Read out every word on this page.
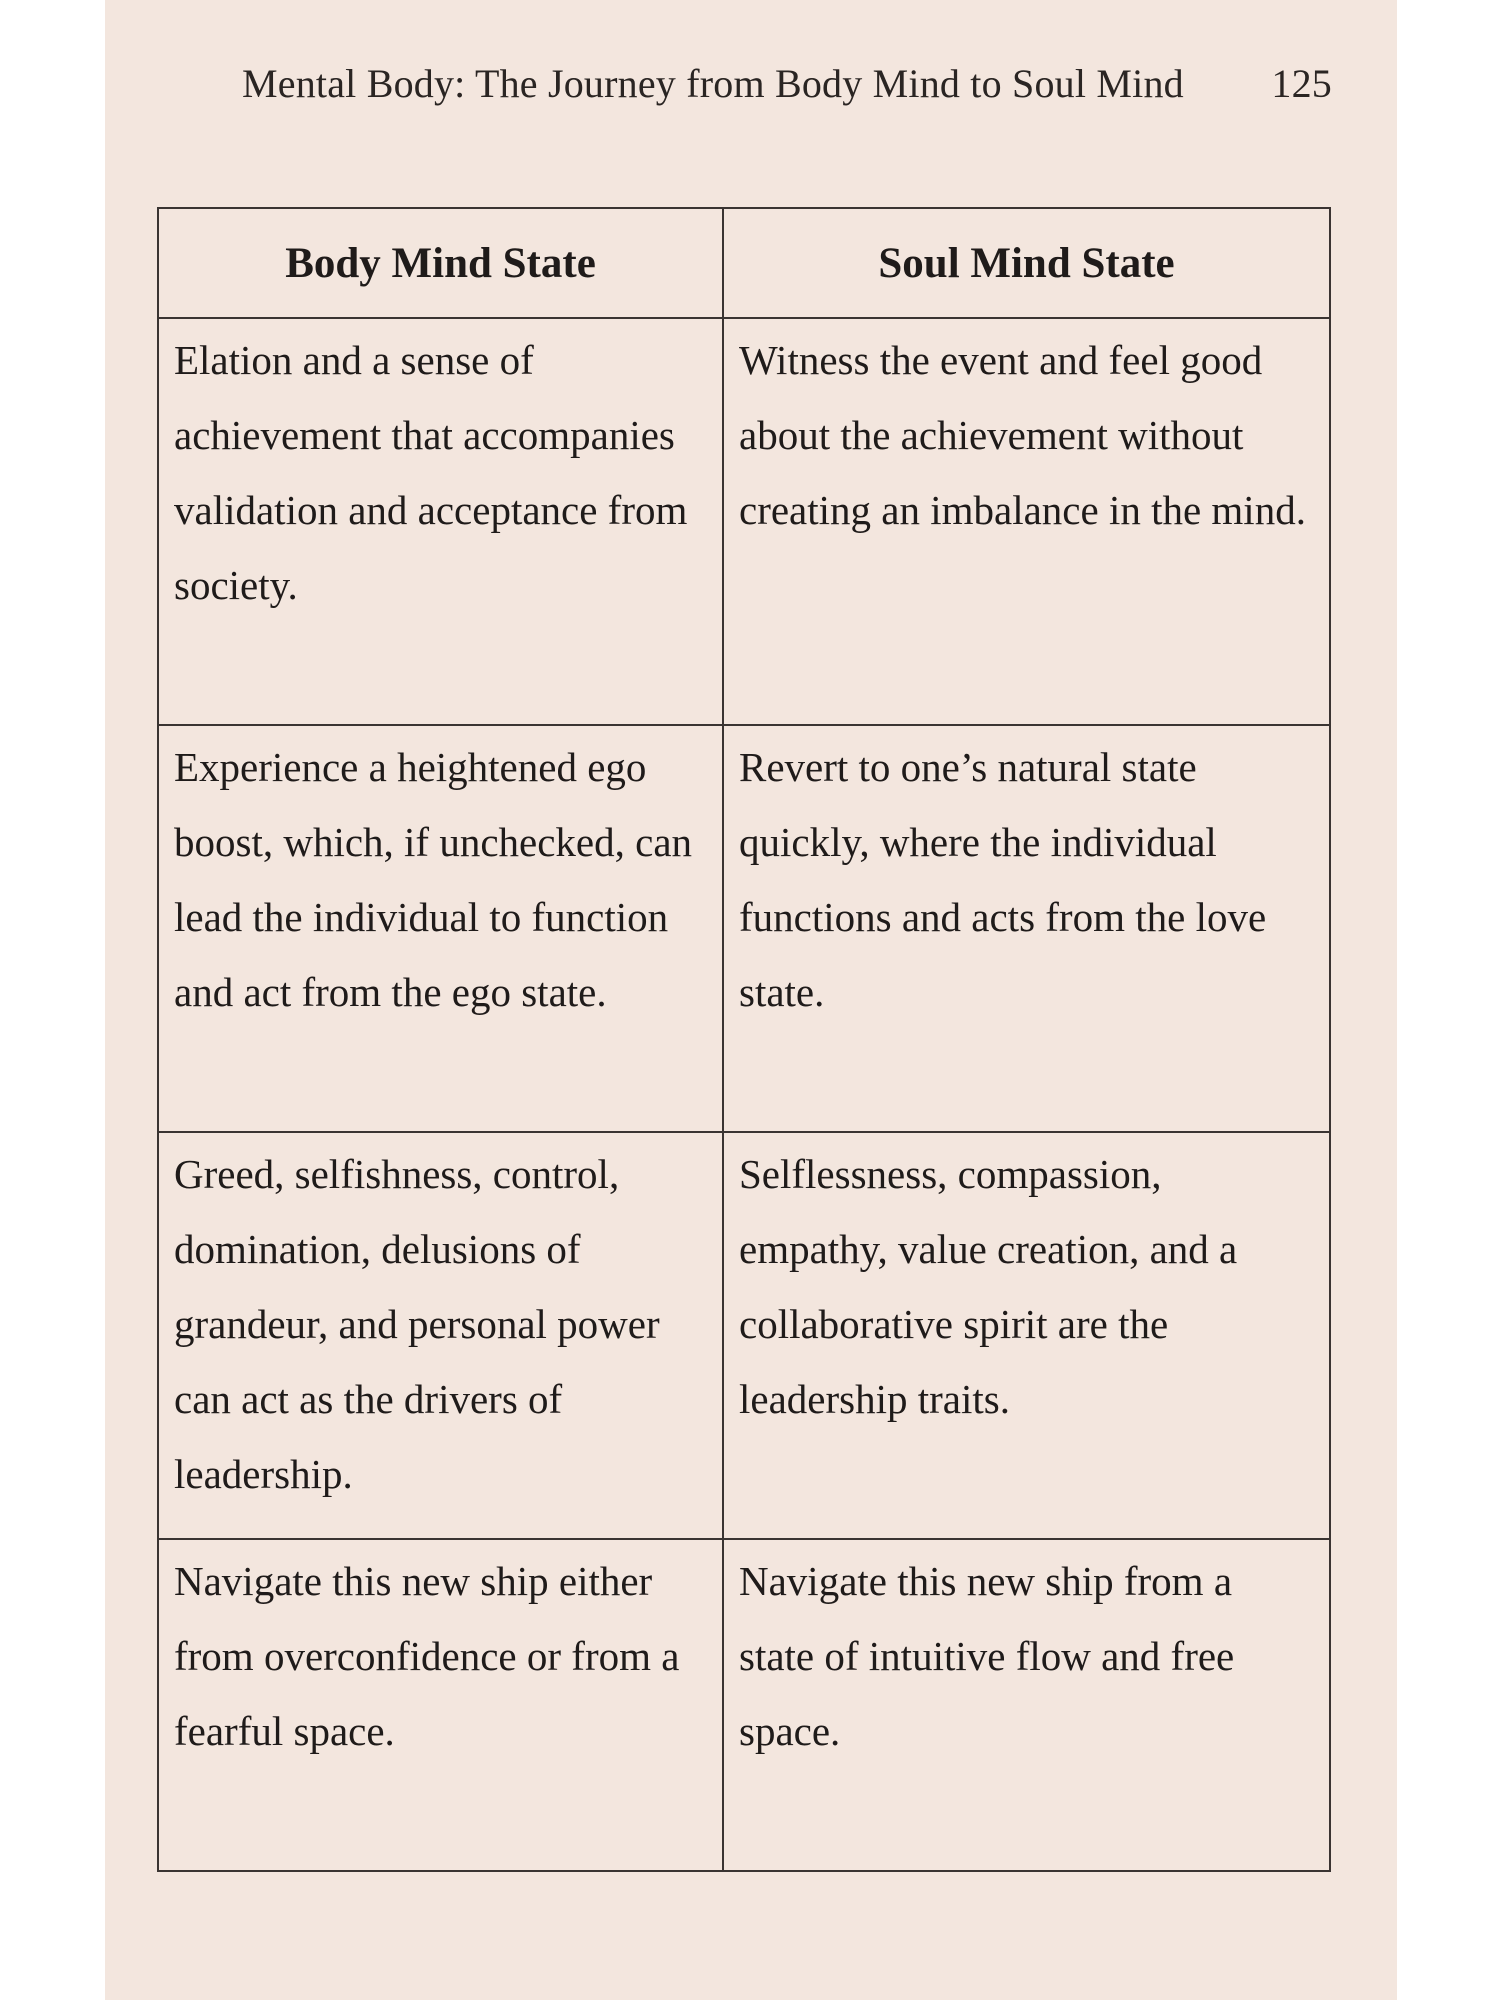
Mental Body: The Journey from Body Mind to Soul Mind 125
Body Mind State	Soul Mind State
Elation and a sense of achievement that accompanies validation and acceptance from society.	Witness the event and feel good about the achievement without creating an imbalance in the mind.
Experience a heightened ego boost, which, if unchecked, can lead the individual to function and act from the ego state.	Revert to one’s natural state quickly, where the individual functions and acts from the love state.
Greed, selfishness, control, domination, delusions of grandeur, and personal power can act as the drivers of leadership.	Selflessness, compassion, empathy, value creation, and a collaborative spirit are the leadership traits.
Navigate this new ship either from overconfidence or from a fearful space.	Navigate this new ship from a state of intuitive flow and free space.
